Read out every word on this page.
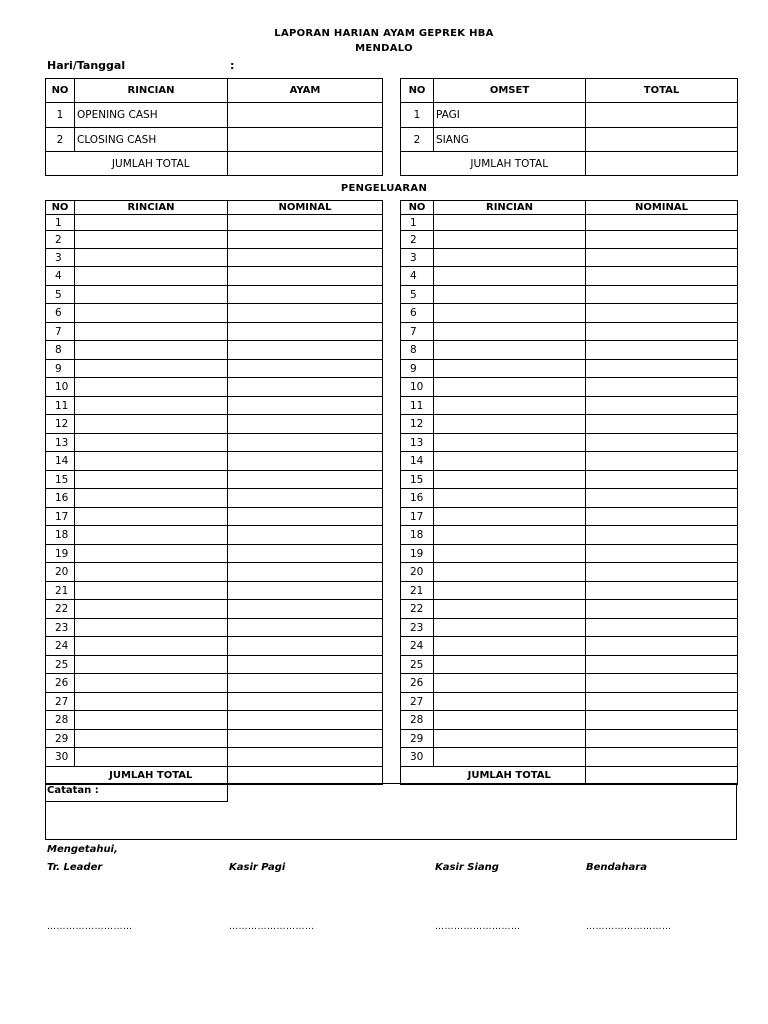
LAPORAN HARIAN AYAM GEPREK HBA
MENDALO
Hari/Tanggal	:
NO	RINCIAN	AYAM
1	OPENING CASH	
2	CLOSING CASH	
	JUMLAH TOTAL	
NO	OMSET	TOTAL
1	PAGI	
2	SIANG	
	JUMLAH TOTAL	
PENGELUARAN
NO	RINCIAN	NOMINAL
1		
2		
3		
4		
5		
6		
7		
8		
9		
10		
11		
12		
13		
14		
15		
16		
17		
18		
19		
20		
21		
22		
23		
24		
25		
26		
27		
28		
29		
30		
	JUMLAH TOTAL	
NO	RINCIAN	NOMINAL
1		
2		
3		
4		
5		
6		
7		
8		
9		
10		
11		
12		
13		
14		
15		
16		
17		
18		
19		
20		
21		
22		
23		
24		
25		
26		
27		
28		
29		
30		
	JUMLAH TOTAL	
Catatan :
Mengetahui,
Tr. Leader	Kasir Pagi	Kasir Siang	Bendahara
………………………	………………………	………………………	………………………
